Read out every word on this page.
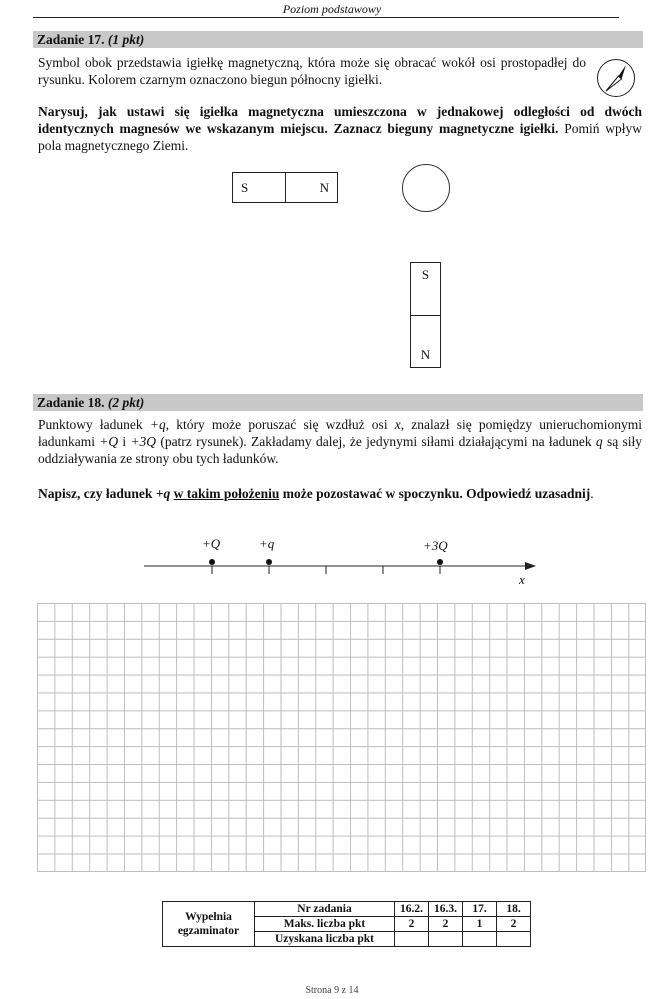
Poziom podstawowy
Zadanie 17. (1 pkt)
Symbol obok przedstawia igiełkę magnetyczną, która może się obracać wokół osi prostopadłej do rysunku. Kolorem czarnym oznaczono biegun północny igiełki.
Narysuj, jak ustawi się igiełka magnetyczna umieszczona w jednakowej odległości od dwóch identycznych magnesów we wskazanym miejscu. Zaznacz bieguny magnetyczne igiełki. Pomiń wpływ pola magnetycznego Ziemi.
S	N
S
N
Zadanie 18. (2 pkt)
Punktowy ładunek +q, który może poruszać się wzdłuż osi x, znalazł się pomiędzy unieruchomionymi ładunkami +Q i +3Q (patrz rysunek). Zakładamy dalej, że jedynymi siłami działającymi na ładunek q są siły oddziaływania ze strony obu tych ładunków.
Napisz, czy ładunek +q w takim położeniu może pozostawać w spoczynku. Odpowiedź uzasadnij.
+Q	+q	+3Q
x
Wypełnia egzaminator	Nr zadania	16.2.	16.3.	17.	18.
	Maks. liczba pkt	2	2	1	2
	Uzyskana liczba pkt				
Strona 9 z 14
